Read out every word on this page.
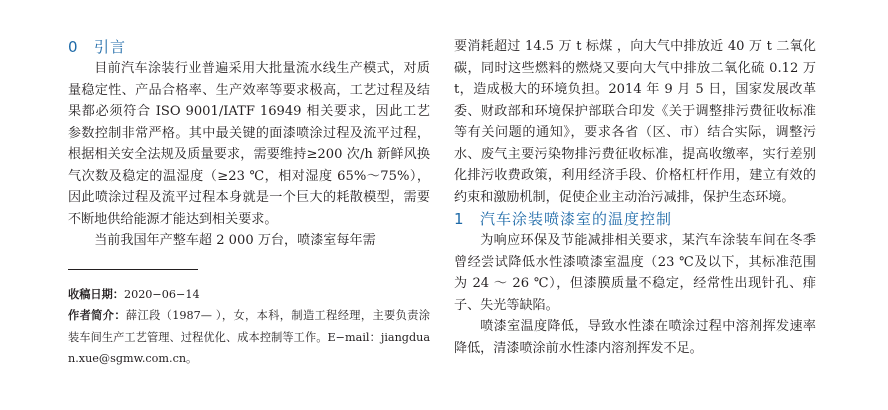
0 引言

目前汽车涂装行业普遍采用大批量流水线生产模式，对质量稳定性、产品合格率、生产效率等要求极高，工艺过程及结果都必须符合 ISO 9001/IATF 16949 相关要求，因此工艺参数控制非常严格。其中最关键的面漆喷涂过程及流平过程，根据相关安全法规及质量要求，需要维持≥200 次/h 新鲜风换气次数及稳定的温湿度（≥23 ℃，相对湿度 65%～75%），因此喷涂过程及流平过程本身就是一个巨大的耗散模型，需要不断地供给能源才能达到相关要求。

当前我国年产整车超 2 000 万台，喷漆室每年需

收稿日期：2020−06−14

作者简介：薛江段（1987— ），女，本科，制造工程经理，主要负责涂装车间生产工艺管理、过程优化、成本控制等工作。E−mail：jiangduan.xue@sgmw.com.cn。

要消耗超过 14.5 万 t 标煤 ，向大气中排放近 40 万 t 二氧化碳，同时这些燃料的燃烧又要向大气中排放二氧化硫 0.12 万 t，造成极大的环境负担。2014 年 9 月 5 日，国家发展改革委、财政部和环境保护部联合印发《关于调整排污费征收标准等有关问题的通知》，要求各省（区、市）结合实际，调整污水、废气主要污染物排污费征收标准，提高收缴率，实行差别化排污收费政策，利用经济手段、价格杠杆作用，建立有效的约束和激励机制，促使企业主动治污减排，保护生态环境。

1 汽车涂装喷漆室的温度控制

为响应环保及节能减排相关要求，某汽车涂装车间在冬季曾经尝试降低水性漆喷漆室温度（23 ℃及以下，其标准范围为 24 ～ 26 ℃），但漆膜质量不稳定，经常性出现针孔、痱子、失光等缺陷。

喷漆室温度降低，导致水性漆在喷涂过程中溶剂挥发速率降低，清漆喷涂前水性漆内溶剂挥发不足。
